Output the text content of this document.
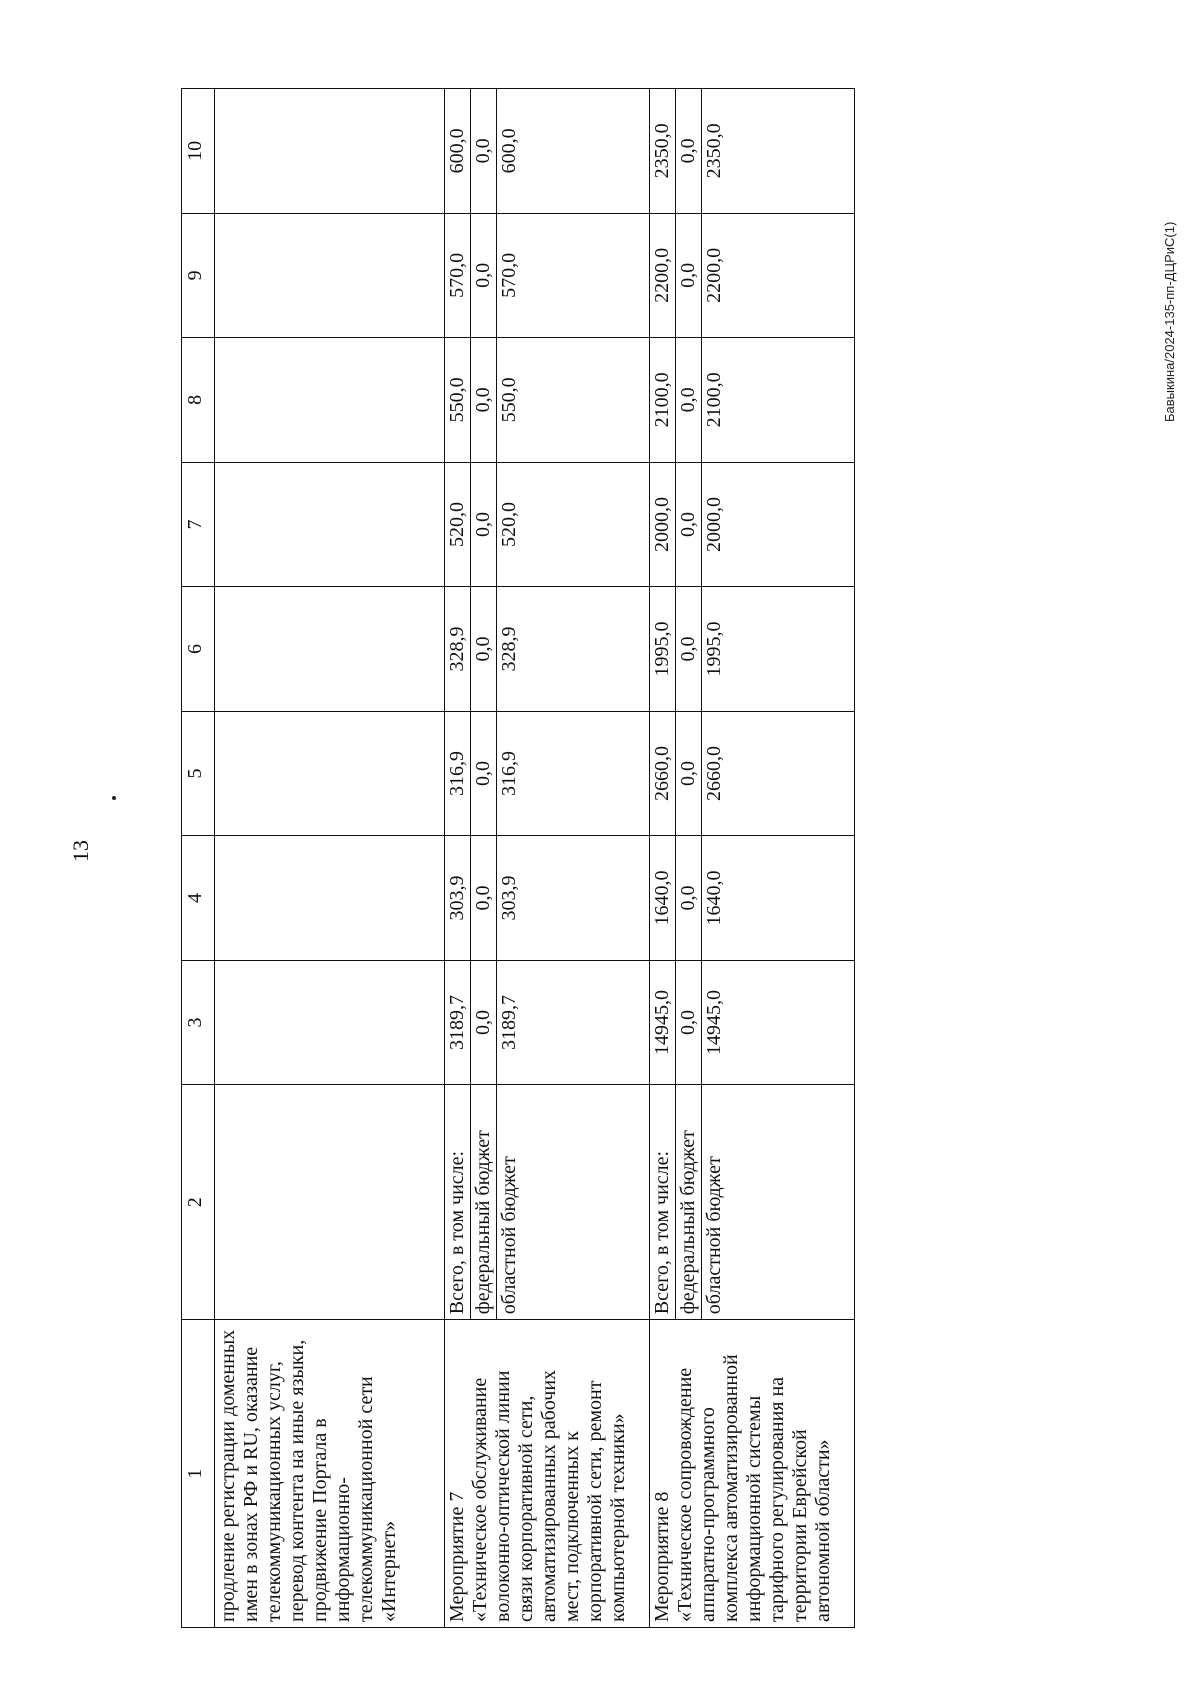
13
Бавыкина/2024-135-пп-ДЦРиС(1)
1	2	3	4	5	6	7	8	9	10
продление регистрации доменных имен в зонах РФ и RU, оказание телекоммуникационных услуг, перевод контента на иные языки, продвижение Портала в информационно-телекоммуникационной сети «Интернет»									

Мероприятие 7 «Техническое обслуживание волоконно-оптической линии связи корпоративной сети, автоматизированных рабочих мест, подключенных к корпоративной сети, ремонт компьютерной техники»	Всего, в том числе:	3189,7	303,9	316,9	328,9	520,0	550,0	570,0	600,0
	федеральный бюджет	0,0	0,0	0,0	0,0	0,0	0,0	0,0	0,0
	областной бюджет	3189,7	303,9	316,9	328,9	520,0	550,0	570,0	600,0

Мероприятие 8 «Техническое сопровождение аппаратно-программного комплекса автоматизированной информационной системы тарифного регулирования на территории Еврейской автономной области»	Всего, в том числе:	14945,0	1640,0	2660,0	1995,0	2000,0	2100,0	2200,0	2350,0
	федеральный бюджет	0,0	0,0	0,0	0,0	0,0	0,0	0,0	0,0
	областной бюджет	14945,0	1640,0	2660,0	1995,0	2000,0	2100,0	2200,0	2350,0
